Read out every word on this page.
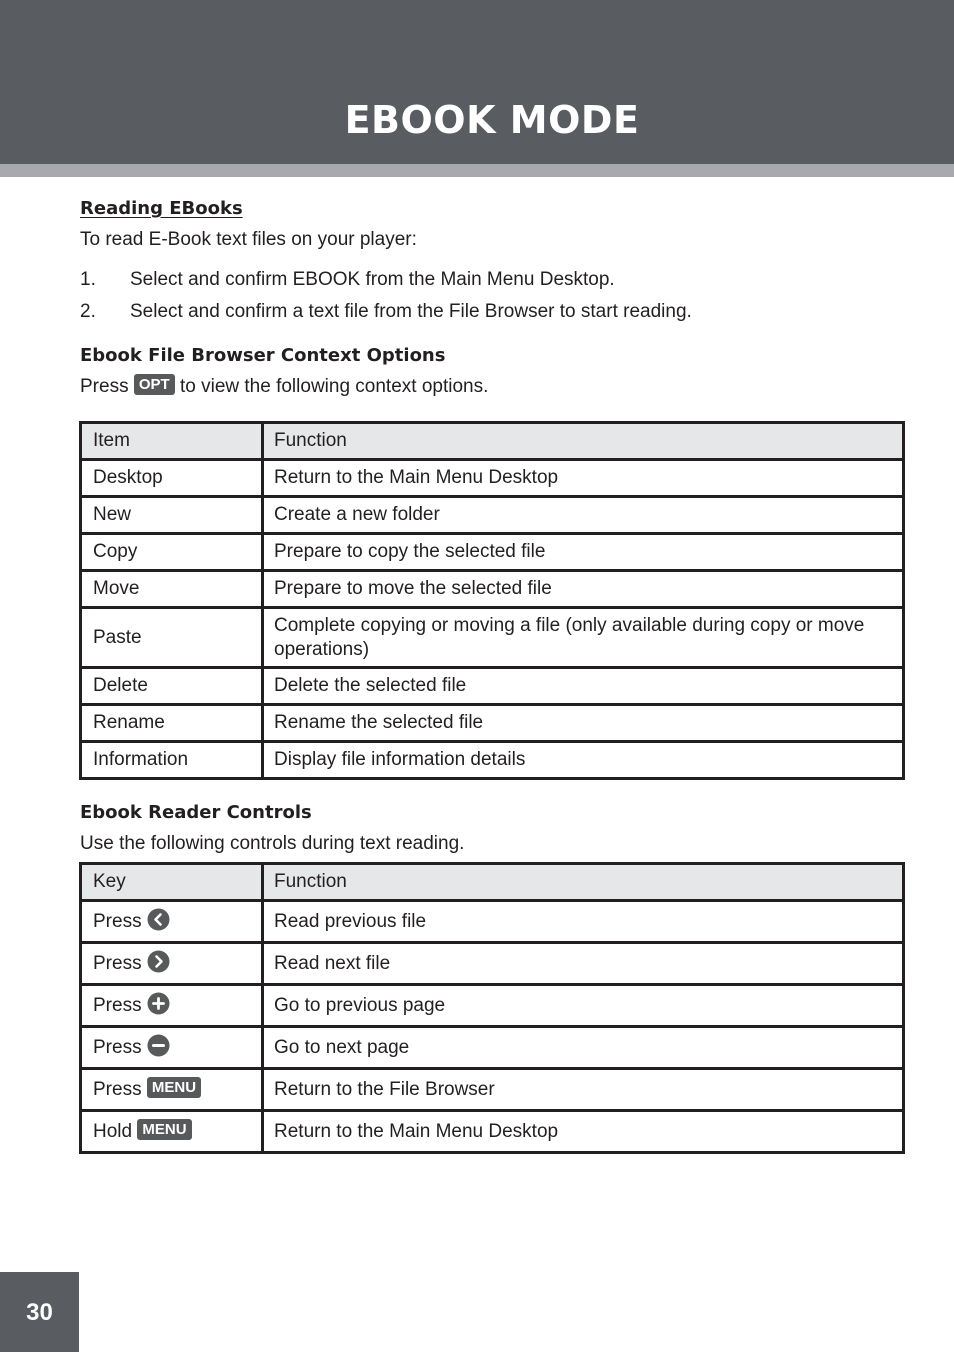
EBOOK MODE
Reading EBooks

To read E-Book text files on your player:

1. Select and confirm EBOOK from the Main Menu Desktop.
2. Select and confirm a text file from the File Browser to start reading.
Ebook File Browser Context Options

Press OPT to view the following context options.

Item	Function
Desktop	Return to the Main Menu Desktop
New	Create a new folder
Copy	Prepare to copy the selected file
Move	Prepare to move the selected file
Paste	Complete copying or moving a file (only available during copy or move operations)
Delete	Delete the selected file
Rename	Rename the selected file
Information	Display file information details
Ebook Reader Controls

Use the following controls during text reading.

Key	Function
Press	Read previous file
Press	Read next file
Press	Go to previous page
Press	Go to next page
Press MENU	Return to the File Browser
Hold MENU	Return to the Main Menu Desktop
30
